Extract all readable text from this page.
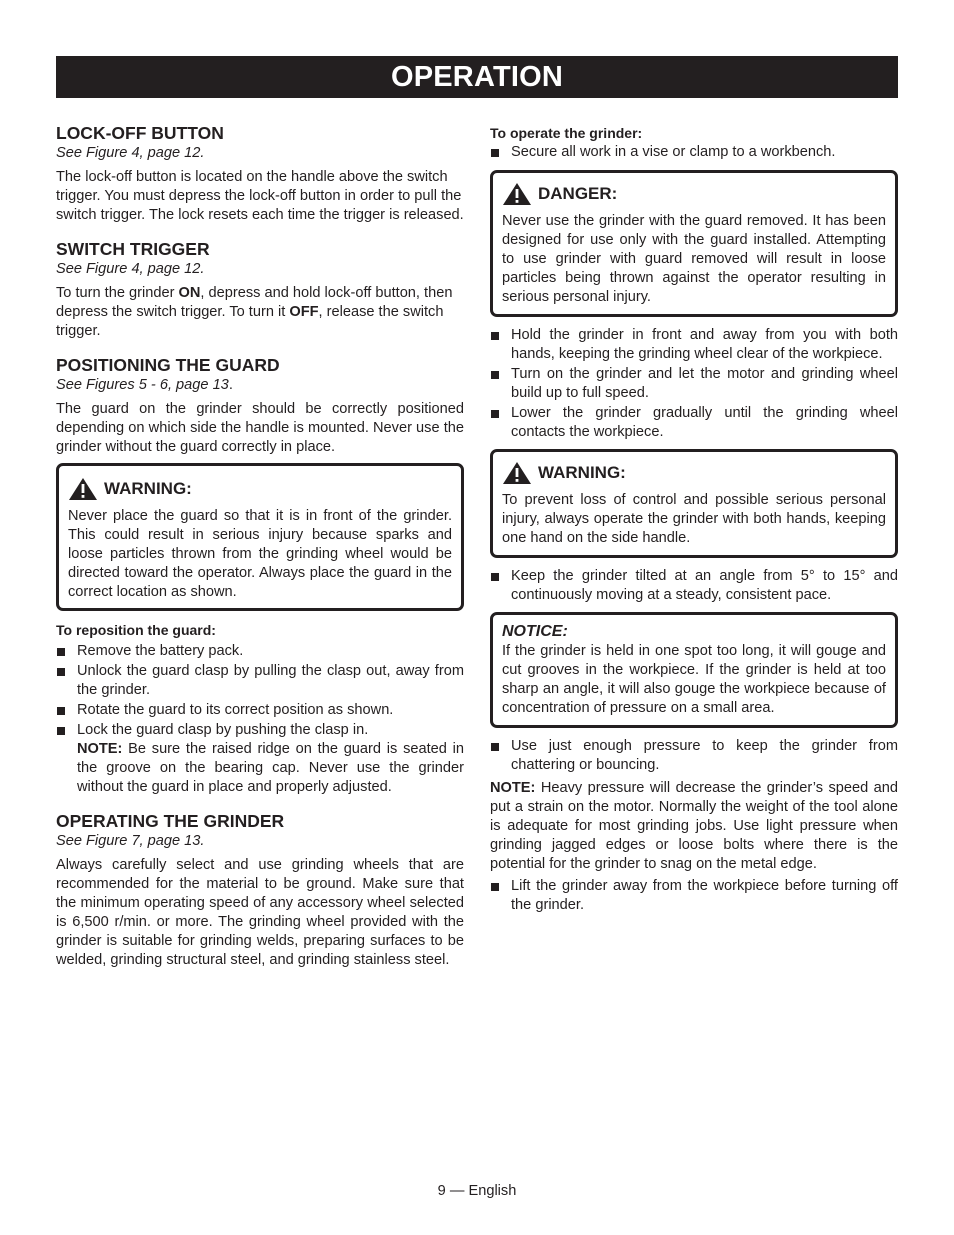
OPERATION
LOCK-OFF BUTTON

See Figure 4, page 12.

The lock-off button is located on the handle above the switch trigger. You must depress the lock-off button in order to pull the switch trigger. The lock resets each time the trigger is released.

SWITCH TRIGGER

See Figure 4, page 12.

To turn the grinder ON, depress and hold lock-off button, then depress the switch trigger. To turn it OFF, release the switch trigger.

POSITIONING THE GUARD

See Figures 5 - 6, page 13.

The guard on the grinder should be correctly positioned depending on which side the handle is mounted. Never use the grinder without the guard correctly in place.

WARNING:

Never place the guard so that it is in front of the grinder. This could result in serious injury because sparks and loose particles thrown from the grinding wheel would be directed toward the operator. Always place the guard in the correct location as shown.

To reposition the guard:

Remove the battery pack.
Unlock the guard clasp by pulling the clasp out, away from the grinder.
Rotate the guard to its correct position as shown.
Lock the guard clasp by pushing the clasp in.
NOTE: Be sure the raised ridge on the guard is seated in the groove on the bearing cap. Never use the grinder without the guard in place and properly adjusted.
OPERATING THE GRINDER

See Figure 7, page 13.

Always carefully select and use grinding wheels that are recommended for the material to be ground. Make sure that the minimum operating speed of any accessory wheel selected is 6,500 r/min. or more. The grinding wheel provided with the grinder is suitable for grinding welds, preparing surfaces to be welded, grinding structural steel, and grinding stainless steel.

To operate the grinder:

Secure all work in a vise or clamp to a workbench.
DANGER:

Never use the grinder with the guard removed. It has been designed for use only with the guard installed. Attempting to use grinder with guard removed will result in loose particles being thrown against the operator resulting in serious personal injury.

Hold the grinder in front and away from you with both hands, keeping the grinding wheel clear of the workpiece.
Turn on the grinder and let the motor and grinding wheel build up to full speed.
Lower the grinder gradually until the grinding wheel contacts the workpiece.
WARNING:

To prevent loss of control and possible serious personal injury, always operate the grinder with both hands, keeping one hand on the side handle.

Keep the grinder tilted at an angle from 5° to 15° and continuously moving at a steady, consistent pace.

NOTICE:

If the grinder is held in one spot too long, it will gouge and cut grooves in the workpiece. If the grinder is held at too sharp an angle, it will also gouge the workpiece because of concentration of pressure on a small area.

Use just enough pressure to keep the grinder from chattering or bouncing.

NOTE: Heavy pressure will decrease the grinder’s speed and put a strain on the motor. Normally the weight of the tool alone is adequate for most grinding jobs. Use light pressure when grinding jagged edges or loose bolts where there is the potential for the grinder to snag on the metal edge.

Lift the grinder away from the workpiece before turning off the grinder.
9 — English
